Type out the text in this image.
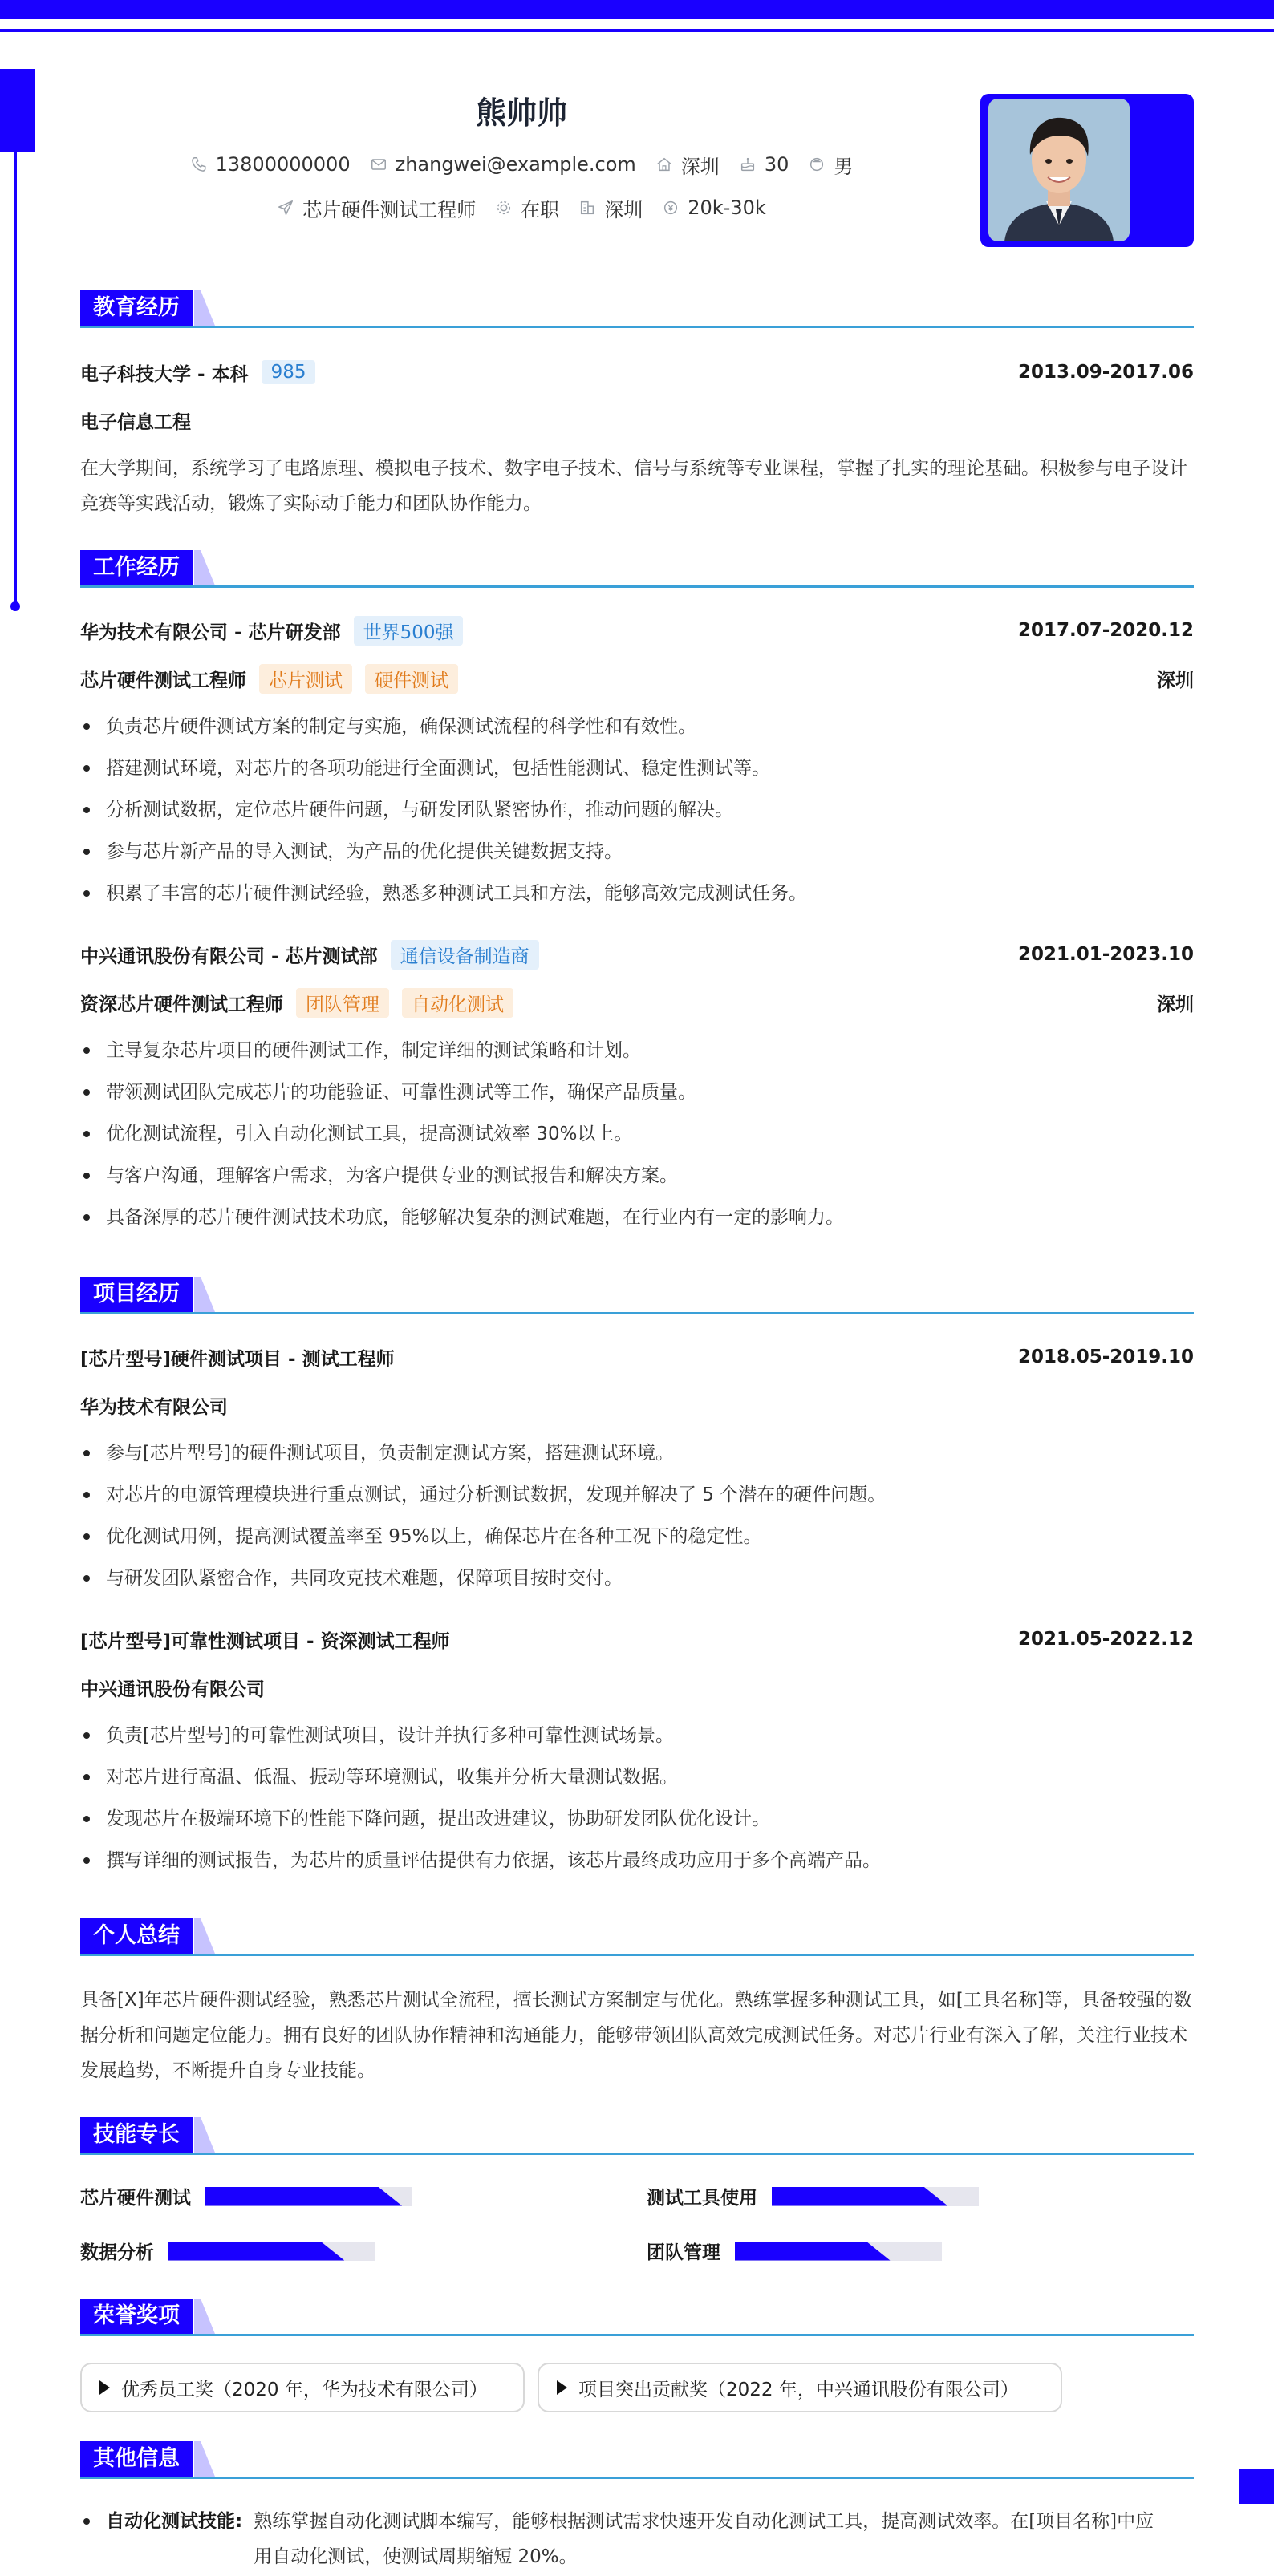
熊帅帅
13800000000 zhangwei@example.com 深圳 30 男
芯片硬件测试工程师 在职 深圳 20k-30k
教育经历
电子科技大学 - 本科	985	2013.09-2017.06
电子信息工程
在大学期间，系统学习了电路原理、模拟电子技术、数字电子技术、信号与系统等专业课程，掌握了扎实的理论基础。积极参与电子设计竞赛等实践活动，锻炼了实际动手能力和团队协作能力。
工作经历
华为技术有限公司 - 芯片研发部	世界500强	2017.07-2020.12
芯片硬件测试工程师	芯片测试	硬件测试	深圳
负责芯片硬件测试方案的制定与实施，确保测试流程的科学性和有效性。
搭建测试环境，对芯片的各项功能进行全面测试，包括性能测试、稳定性测试等。
分析测试数据，定位芯片硬件问题，与研发团队紧密协作，推动问题的解决。
参与芯片新产品的导入测试，为产品的优化提供关键数据支持。
积累了丰富的芯片硬件测试经验，熟悉多种测试工具和方法，能够高效完成测试任务。
中兴通讯股份有限公司 - 芯片测试部	通信设备制造商	2021.01-2023.10
资深芯片硬件测试工程师	团队管理	自动化测试	深圳
主导复杂芯片项目的硬件测试工作，制定详细的测试策略和计划。
带领测试团队完成芯片的功能验证、可靠性测试等工作，确保产品质量。
优化测试流程，引入自动化测试工具，提高测试效率 30%以上。
与客户沟通，理解客户需求，为客户提供专业的测试报告和解决方案。
具备深厚的芯片硬件测试技术功底，能够解决复杂的测试难题，在行业内有一定的影响力。
项目经历
[芯片型号]硬件测试项目 - 测试工程师	2018.05-2019.10
华为技术有限公司
参与[芯片型号]的硬件测试项目，负责制定测试方案，搭建测试环境。
对芯片的电源管理模块进行重点测试，通过分析测试数据，发现并解决了 5 个潜在的硬件问题。
优化测试用例，提高测试覆盖率至 95%以上，确保芯片在各种工况下的稳定性。
与研发团队紧密合作，共同攻克技术难题，保障项目按时交付。
[芯片型号]可靠性测试项目 - 资深测试工程师	2021.05-2022.12
中兴通讯股份有限公司
负责[芯片型号]的可靠性测试项目，设计并执行多种可靠性测试场景。
对芯片进行高温、低温、振动等环境测试，收集并分析大量测试数据。
发现芯片在极端环境下的性能下降问题，提出改进建议，协助研发团队优化设计。
撰写详细的测试报告，为芯片的质量评估提供有力依据，该芯片最终成功应用于多个高端产品。
个人总结
具备[X]年芯片硬件测试经验，熟悉芯片测试全流程，擅长测试方案制定与优化。熟练掌握多种测试工具，如[工具名称]等，具备较强的数据分析和问题定位能力。拥有良好的团队协作精神和沟通能力，能够带领团队高效完成测试任务。对芯片行业有深入了解，关注行业技术发展趋势，不断提升自身专业技能。
技能专长
芯片硬件测试	测试工具使用
数据分析	团队管理
荣誉奖项
优秀员工奖（2020 年，华为技术有限公司）	项目突出贡献奖（2022 年，中兴通讯股份有限公司）
其他信息
自动化测试技能: 熟练掌握自动化测试脚本编写，能够根据测试需求快速开发自动化测试工具，提高测试效率。在[项目名称]中应用自动化测试，使测试周期缩短 20%。
